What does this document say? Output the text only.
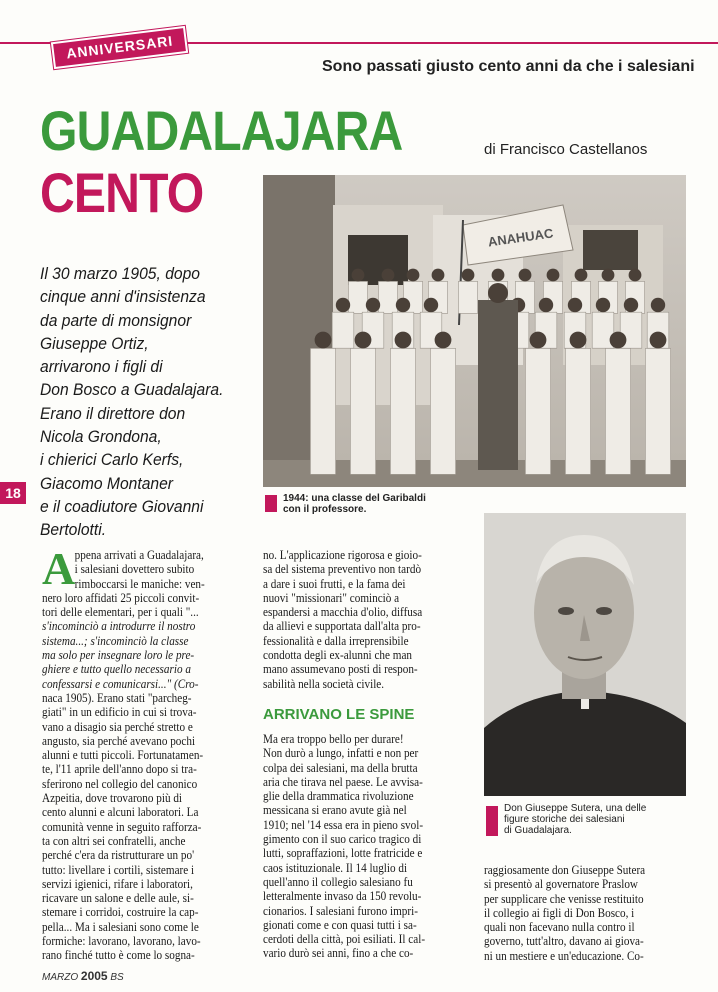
ANNIVERSARI
Sono passati giusto cento anni da che i salesiani
GUADALAJARA
CENTO
di Francisco Castellanos
Il 30 marzo 1905, dopo
cinque anni d'insistenza
da parte di monsignor
Giuseppe Ortiz,
arrivarono i figli di
Don Bosco a Guadalajara.
Erano il direttore don
Nicola Grondona,
i chierici Carlo Kerfs,
Giacomo Montaner
e il coadiutore Giovanni
Bertolotti.
18
ANAHUAC
1944: una classe del Garibaldi
con il professore.
Don Giuseppe Sutera, una delle
figure storiche dei salesiani
di Guadalajara.
A ppena arrivati a Guadalajara,
i salesiani dovettero subito
rimboccarsi le maniche: ven-
nero loro affidati 25 piccoli convit-
tori delle elementari, per i quali "...
s'incominciò a introdurre il nostro
sistema...; s'incominciò la classe
ma solo per insegnare loro le pre-
ghiere e tutto quello necessario a
confessarsi e comunicarsi..." (Cro-
naca 1905). Erano stati "parcheg-
giati" in un edificio in cui si trova-
vano a disagio sia perché stretto e
angusto, sia perché avevano pochi
alunni e tutti piccoli. Fortunatamen-
te, l'11 aprile dell'anno dopo si tra-
sferirono nel collegio del canonico
Azpeitia, dove trovarono più di
cento alunni e alcuni laboratori. La
comunità venne in seguito rafforza-
ta con altri sei confratelli, anche
perché c'era da ristrutturare un po'
tutto: livellare i cortili, sistemare i
servizi igienici, rifare i laboratori,
ricavare un salone e delle aule, si-
stemare i corridoi, costruire la cap-
pella... Ma i salesiani sono come le
formiche: lavorano, lavorano, lavo-
rano finché tutto è come lo sogna-
no. L'applicazione rigorosa e gioio-
sa del sistema preventivo non tardò
a dare i suoi frutti, e la fama dei
nuovi "missionari" cominciò a
espandersi a macchia d'olio, diffusa
da allievi e supportata dall'alta pro-
fessionalità e dalla irreprensibile
condotta degli ex-alunni che man
mano assumevano posti di respon-
sabilità nella società civile.
Ma era troppo bello per durare!
Non durò a lungo, infatti e non per
colpa dei salesiani, ma della brutta
aria che tirava nel paese. Le avvisa-
glie della drammatica rivoluzione
messicana si erano avute già nel
1910; nel '14 essa era in pieno svol-
gimento con il suo carico tragico di
lutti, sopraffazioni, lotte fratricide e
caos istituzionale. Il 14 luglio di
quell'anno il collegio salesiano fu
letteralmente invaso da 150 revolu-
cionarios. I salesiani furono impri-
gionati come e con quasi tutti i sa-
cerdoti della città, poi esiliati. Il cal-
vario durò sei anni, fino a che co-
ARRIVANO LE SPINE
raggiosamente don Giuseppe Sutera
si presentò al governatore Praslow
per supplicare che venisse restituito
il collegio ai figli di Don Bosco, i
quali non facevano nulla contro il
governo, tutt'altro, davano ai giova-
ni un mestiere e un'educazione. Co-
MARZO 2005 BS
